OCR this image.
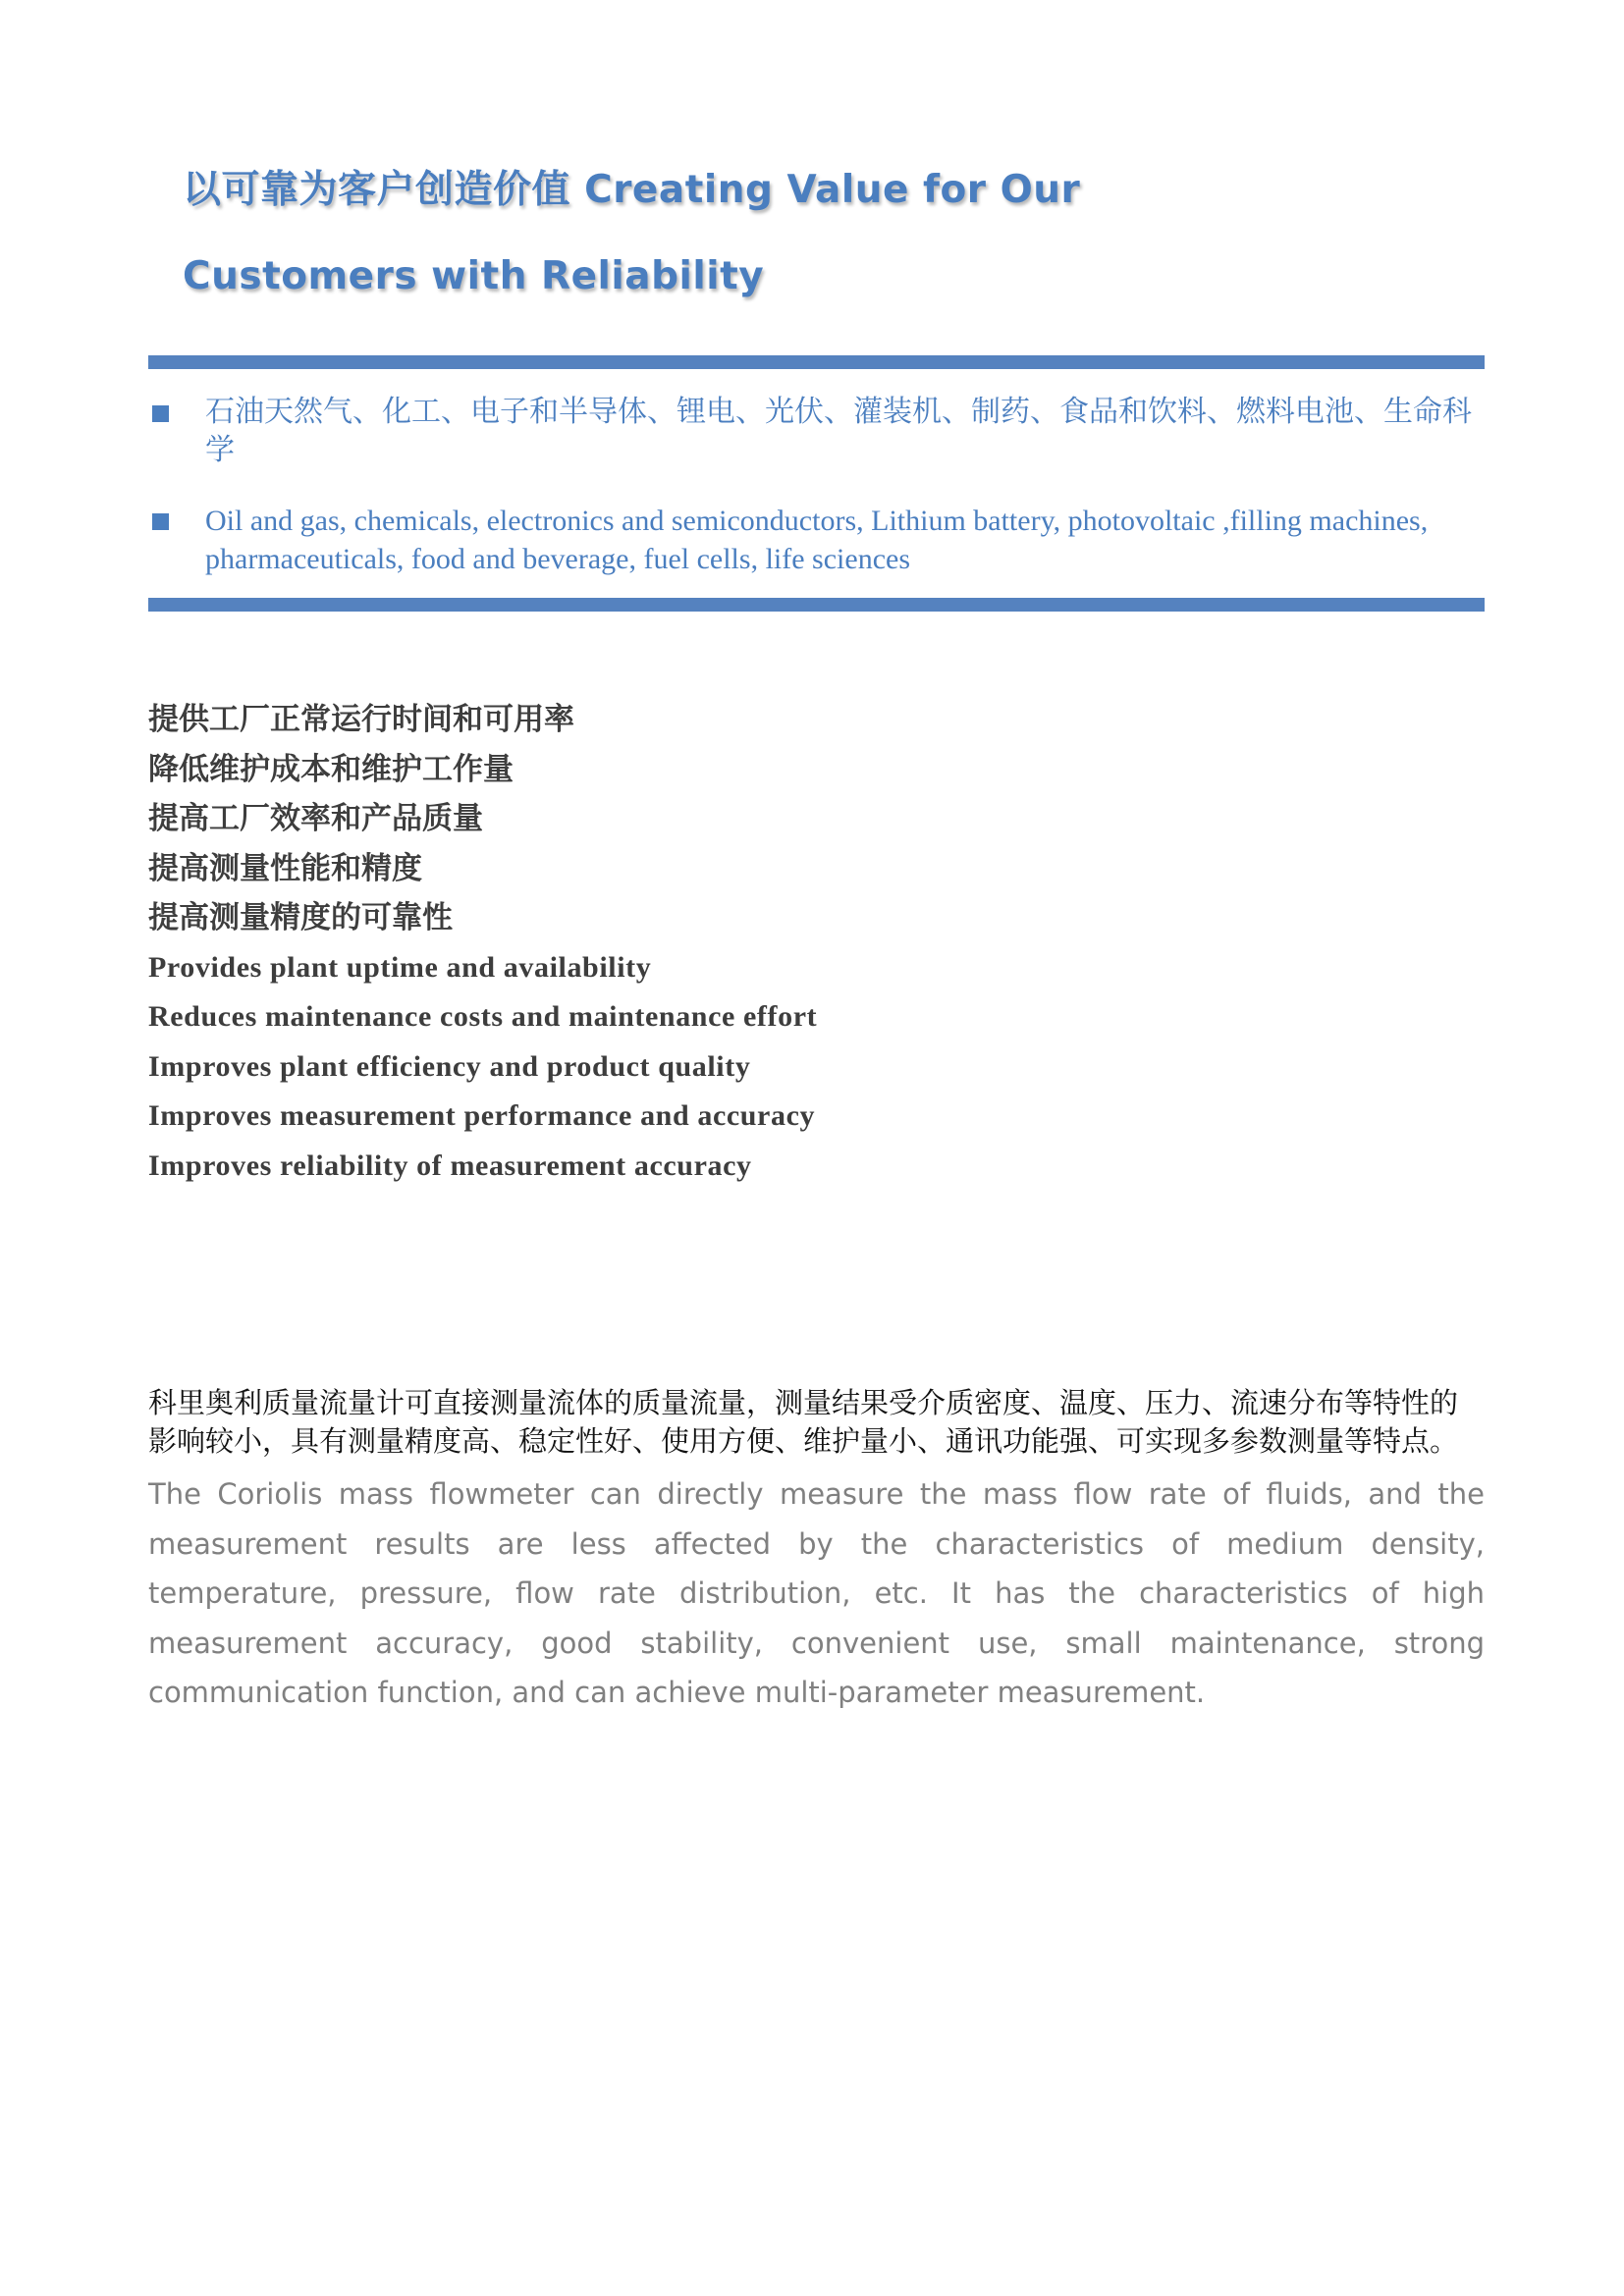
以可靠为客户创造价值 Creating Value for Our Customers with Reliability
石油天然气、化工、电子和半导体、锂电、光伏、灌装机、制药、食品和饮料、燃料电池、生命科学
Oil and gas, chemicals, electronics and semiconductors, Lithium battery, photovoltaic ,filling machines, pharmaceuticals, food and beverage, fuel cells, life sciences
提供工厂正常运行时间和可用率
降低维护成本和维护工作量
提高工厂效率和产品质量
提高测量性能和精度
提高测量精度的可靠性
Provides plant uptime and availability
Reduces maintenance costs and maintenance effort
Improves plant efficiency and product quality
Improves measurement performance and accuracy
Improves reliability of measurement accuracy

科里奥利质量流量计可直接测量流体的质量流量，测量结果受介质密度、温度、压力、流速分布等特性的影响较小，具有测量精度高、稳定性好、使用方便、维护量小、通讯功能强、可实现多参数测量等特点。

The Coriolis mass flowmeter can directly measure the mass flow rate of fluids, and the measurement results are less affected by the characteristics of medium density, temperature, pressure, flow rate distribution, etc. It has the characteristics of high measurement accuracy, good stability, convenient use, small maintenance, strong communication function, and can achieve multi-parameter measurement.
